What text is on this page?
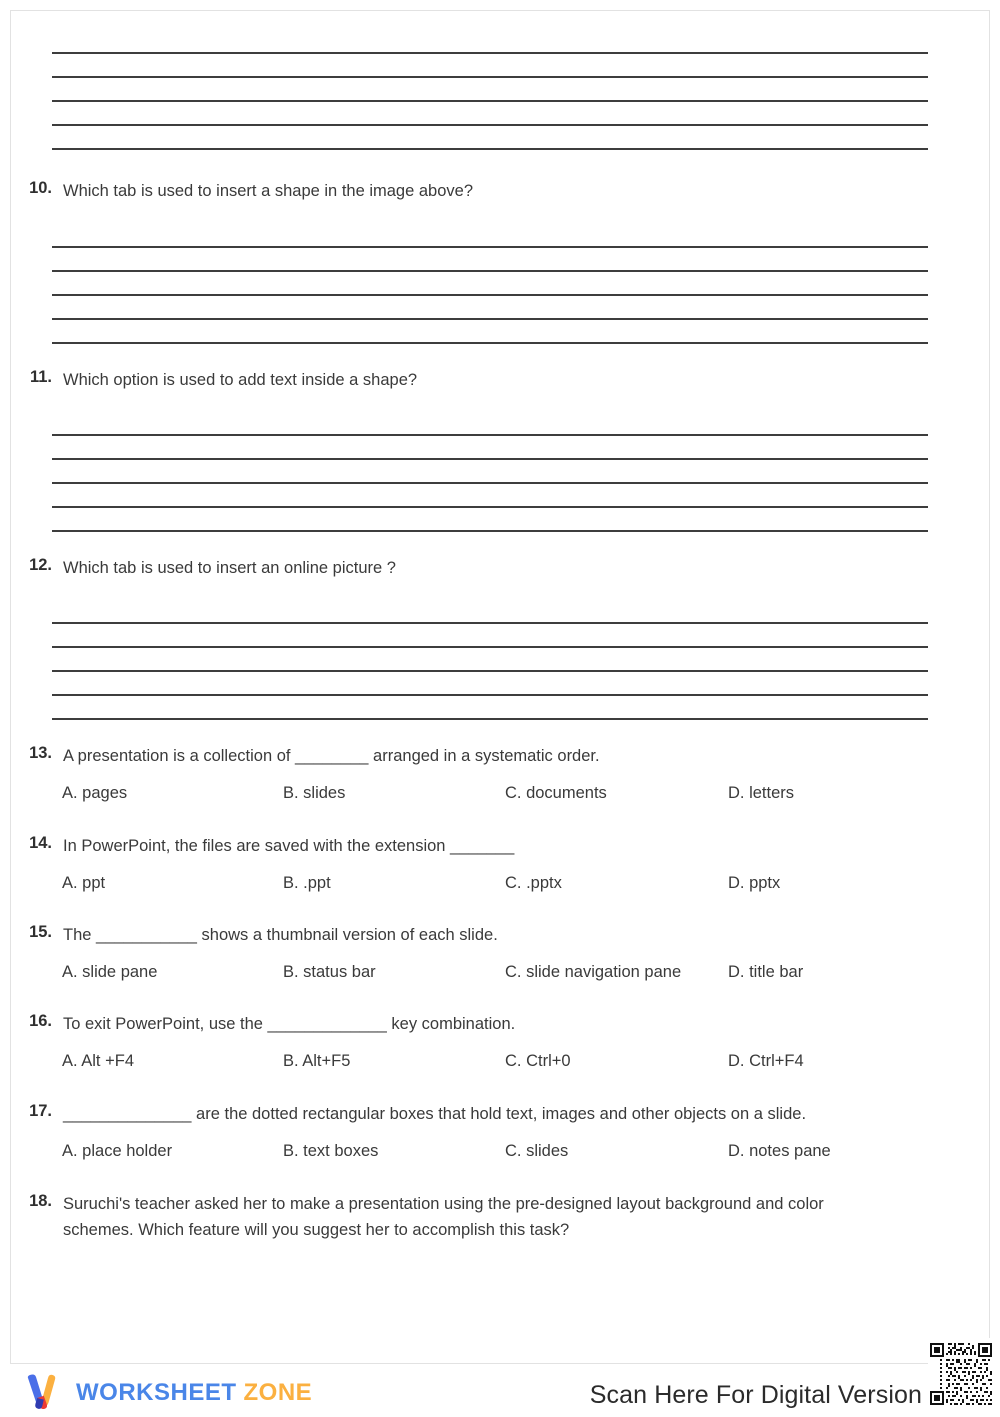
10. Which tab is used to insert a shape in the image above?
11. Which option is used to add text inside a shape?
12. Which tab is used to insert an online picture ?
13. A presentation is a collection of ________ arranged in a systematic order.
A. pages	B. slides	C. documents	D. letters
14. In PowerPoint, the files are saved with the extension _______
A. ppt	B. .ppt	C. .pptx	D. pptx
15. The ___________ shows a thumbnail version of each slide.
A. slide pane	B. status bar	C. slide navigation pane	D. title bar
16. To exit PowerPoint, use the _____________ key combination.
A. Alt +F4	B. Alt+F5	C. Ctrl+0	D. Ctrl+F4
17. ______________ are the dotted rectangular boxes that hold text, images and other objects on a slide.
A. place holder	B. text boxes	C. slides	D. notes pane
18. Suruchi's teacher asked her to make a presentation using the pre-designed layout background and color schemes. Which feature will you suggest her to accomplish this task?
WORKSHEET ZONE	Scan Here For Digital Version
